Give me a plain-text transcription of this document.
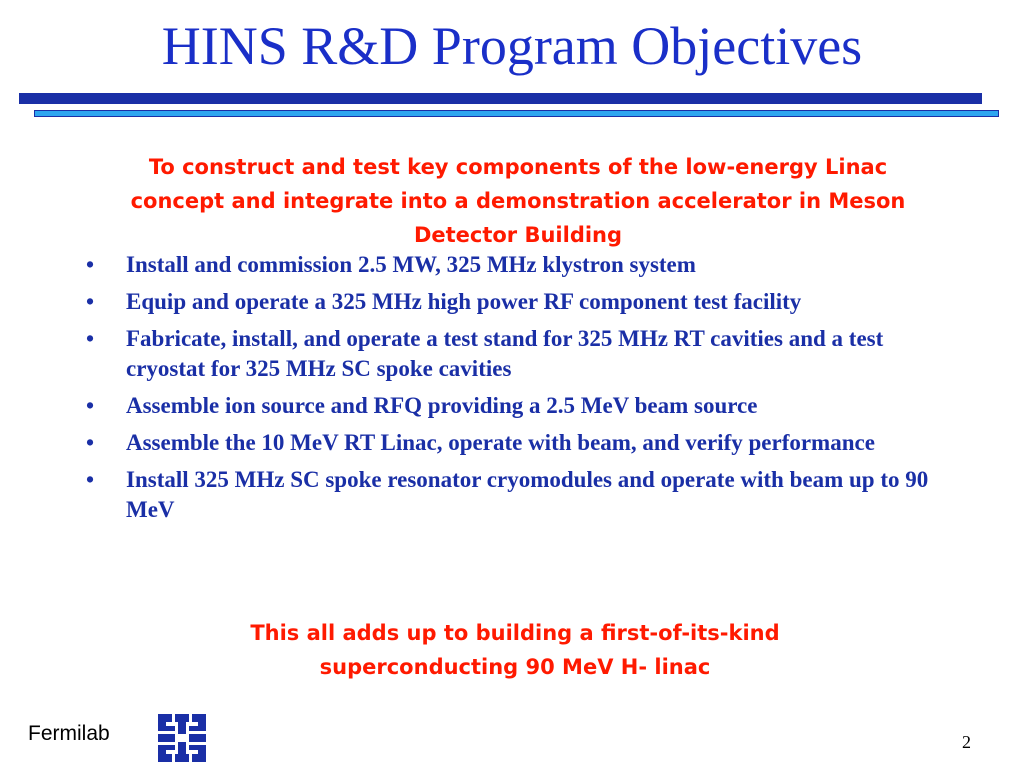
HINS R&D Program Objectives

To construct and test key components of the low-energy Linac concept and integrate into a demonstration accelerator in Meson Detector Building

• Install and commission 2.5 MW, 325 MHz klystron system
• Equip and operate a 325 MHz high power RF component test facility
• Fabricate, install, and operate a test stand for 325 MHz RT cavities and a test cryostat for 325 MHz SC spoke cavities
• Assemble ion source and RFQ providing a 2.5 MeV beam source
• Assemble the 10 MeV RT Linac, operate with beam, and verify performance
• Install 325 MHz SC spoke resonator cryomodules and operate with beam up to 90 MeV

This all adds up to building a first-of-its-kind superconducting 90 MeV H- linac

Fermilab	2
